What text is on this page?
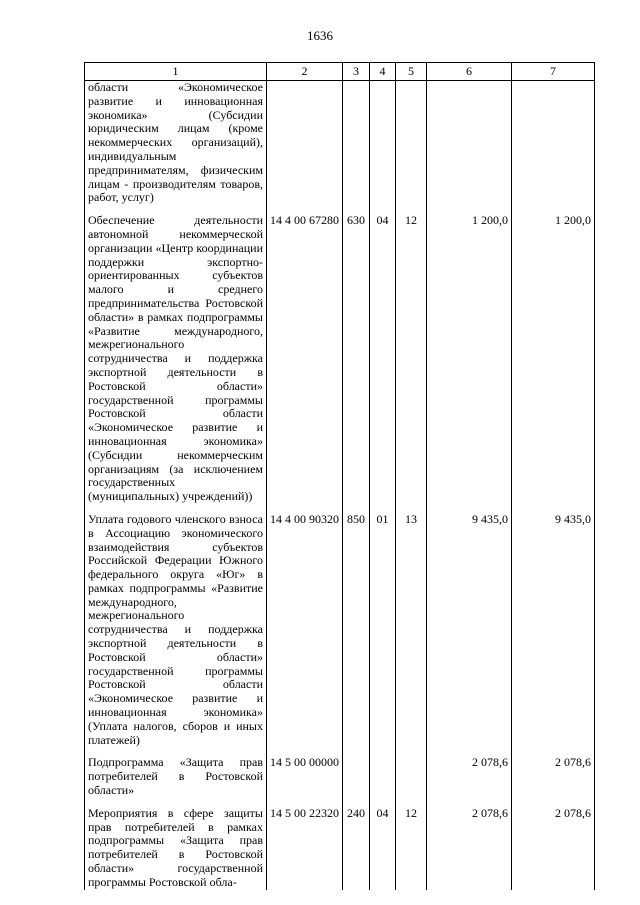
1636
1	2	3	4	5	6	7
области «Экономическое развитие и инновационная экономика» (Субсидии юридическим лицам (кроме некоммерческих организаций), индивидуальным предпринимателям, физическим лицам - производителям товаров, работ, услуг)						

Обеспечение деятельности автономной некоммерческой организации «Центр координации поддержки экспортно-ориентированных субъектов малого и среднего предпринимательства Ростовской области» в рамках подпрограммы «Развитие международного, межрегионального сотрудничества и поддержка экспортной деятельности в Ростовской области» государственной программы Ростовской области «Экономическое развитие и инновационная экономика» (Субсидии некоммерческим организациям (за исключением государственных (муниципальных) учреждений))	14 4 00 67280	630	04	12	1 200,0	1 200,0

Уплата годового членского взноса в Ассоциацию экономического взаимодействия субъектов Российской Федерации Южного федерального округа «Юг» в рамках подпрограммы «Развитие международного, межрегионального сотрудничества и поддержка экспортной деятельности в Ростовской области» государственной программы Ростовской области «Экономическое развитие и инновационная экономика» (Уплата налогов, сборов и иных платежей)	14 4 00 90320	850	01	13	9 435,0	9 435,0

Подпрограмма «Защита прав потребителей в Ростовской области»	14 5 00 00000				2 078,6	2 078,6

Мероприятия в сфере защиты прав потребителей в рамках подпрограммы «Защита прав потребителей в Ростовской области» государственной программы Ростовской обла-	14 5 00 22320	240	04	12	2 078,6	2 078,6
